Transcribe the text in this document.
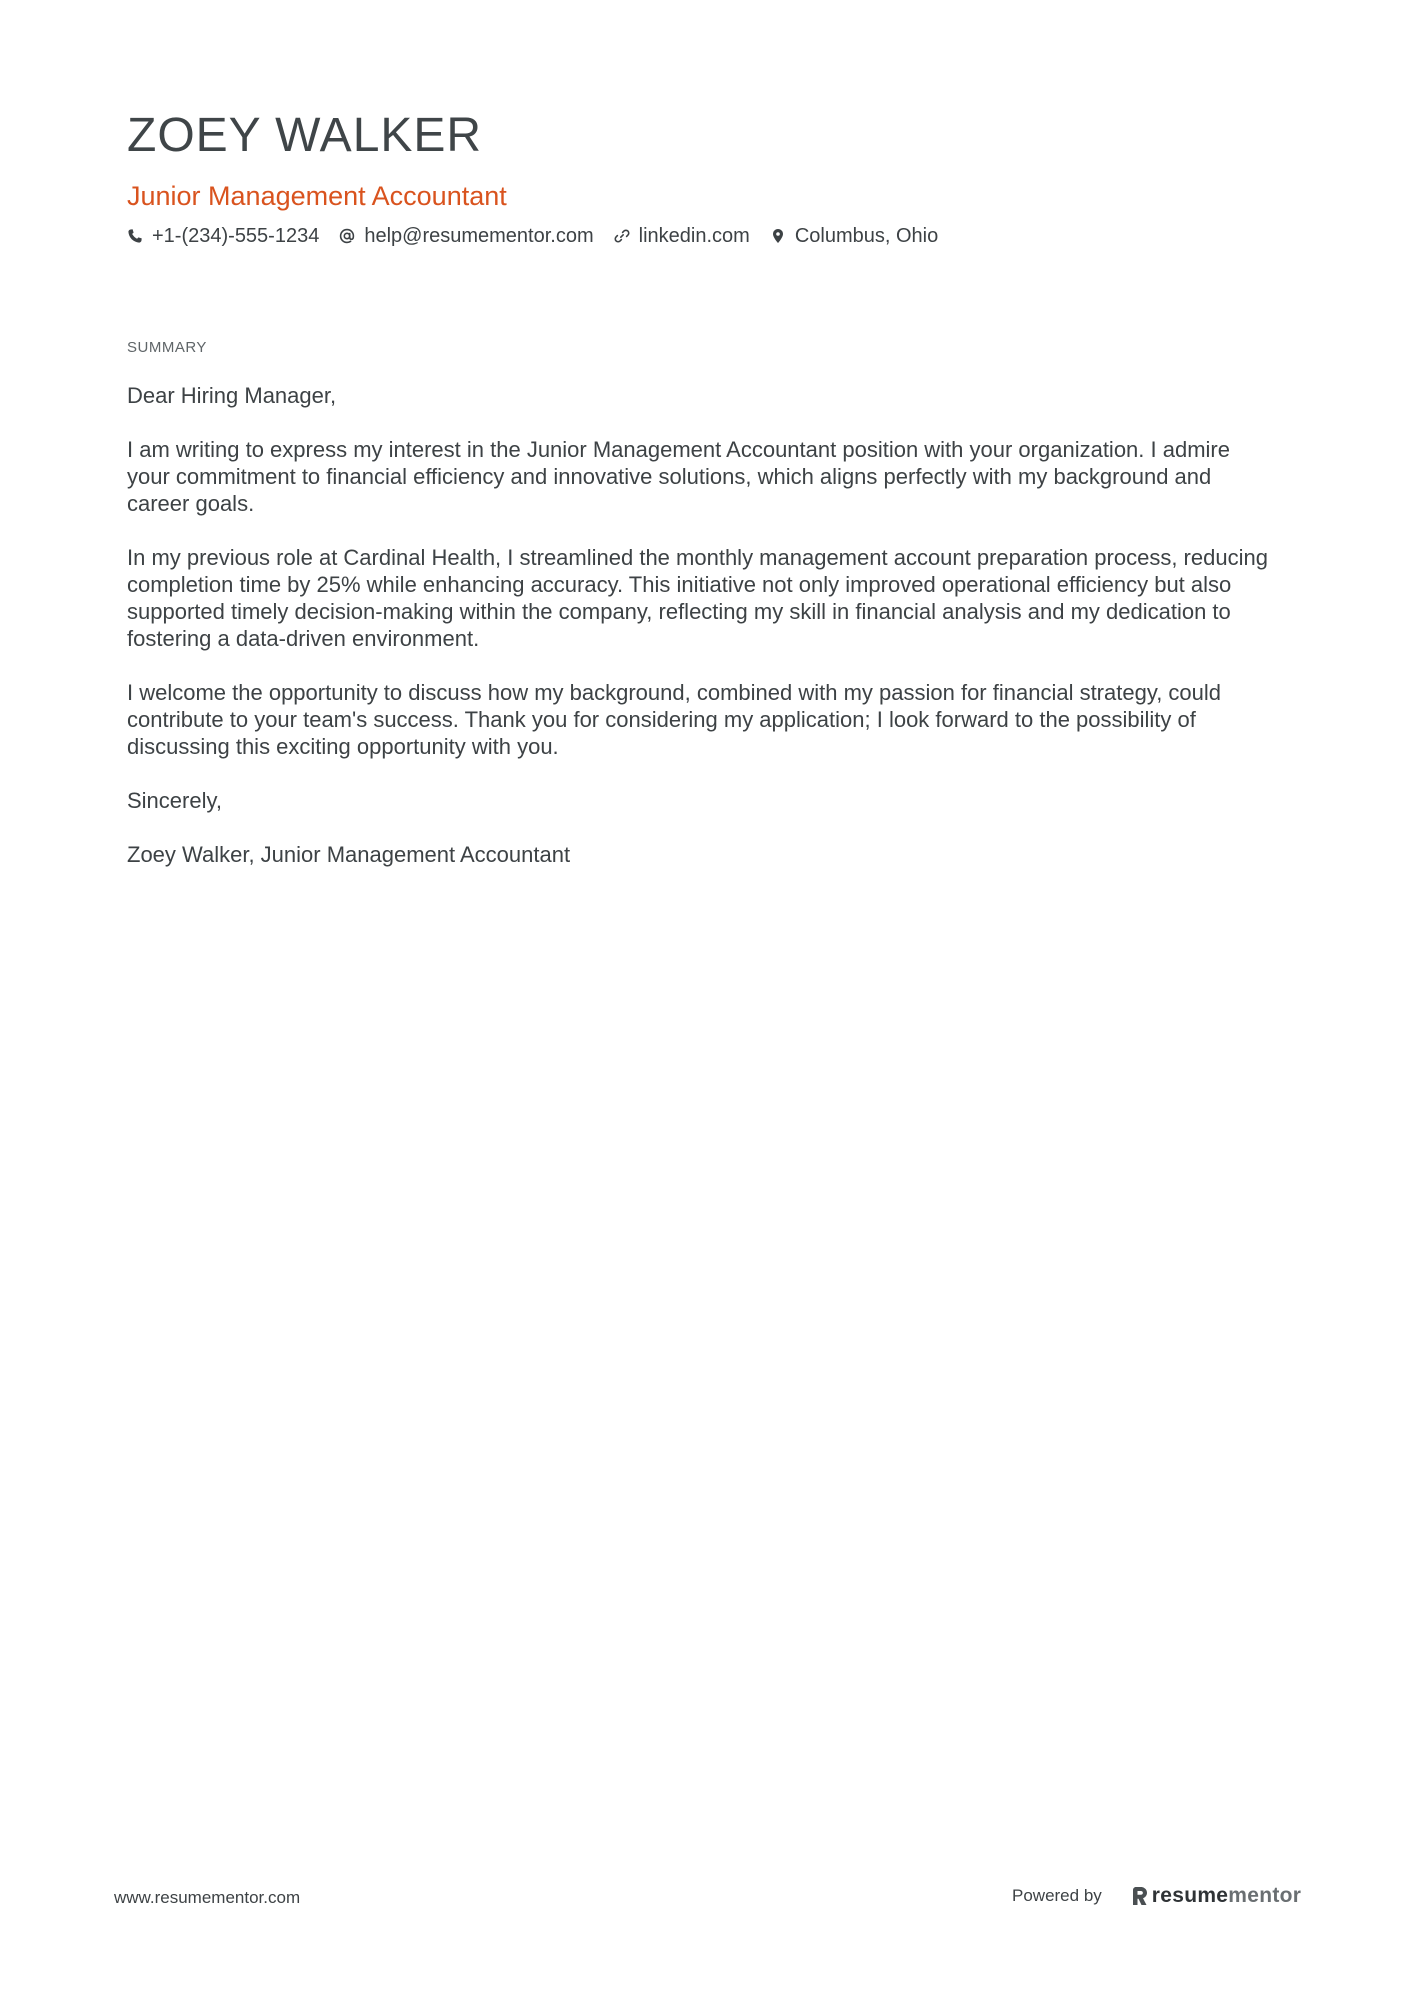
ZOEY WALKER
Junior Management Accountant
+1-(234)-555-1234 help@resumementor.com linkedin.com Columbus, Ohio
SUMMARY

Dear Hiring Manager,

I am writing to express my interest in the Junior Management Accountant position with your organization. I admire your commitment to financial efficiency and innovative solutions, which aligns perfectly with my background and career goals.

In my previous role at Cardinal Health, I streamlined the monthly management account preparation process, reducing completion time by 25% while enhancing accuracy. This initiative not only improved operational efficiency but also supported timely decision-making within the company, reflecting my skill in financial analysis and my dedication to fostering a data-driven environment.

I welcome the opportunity to discuss how my background, combined with my passion for financial strategy, could contribute to your team's success. Thank you for considering my application; I look forward to the possibility of discussing this exciting opportunity with you.

Sincerely,

Zoey Walker, Junior Management Accountant

www.resumementor.com	Powered by resume mentor
